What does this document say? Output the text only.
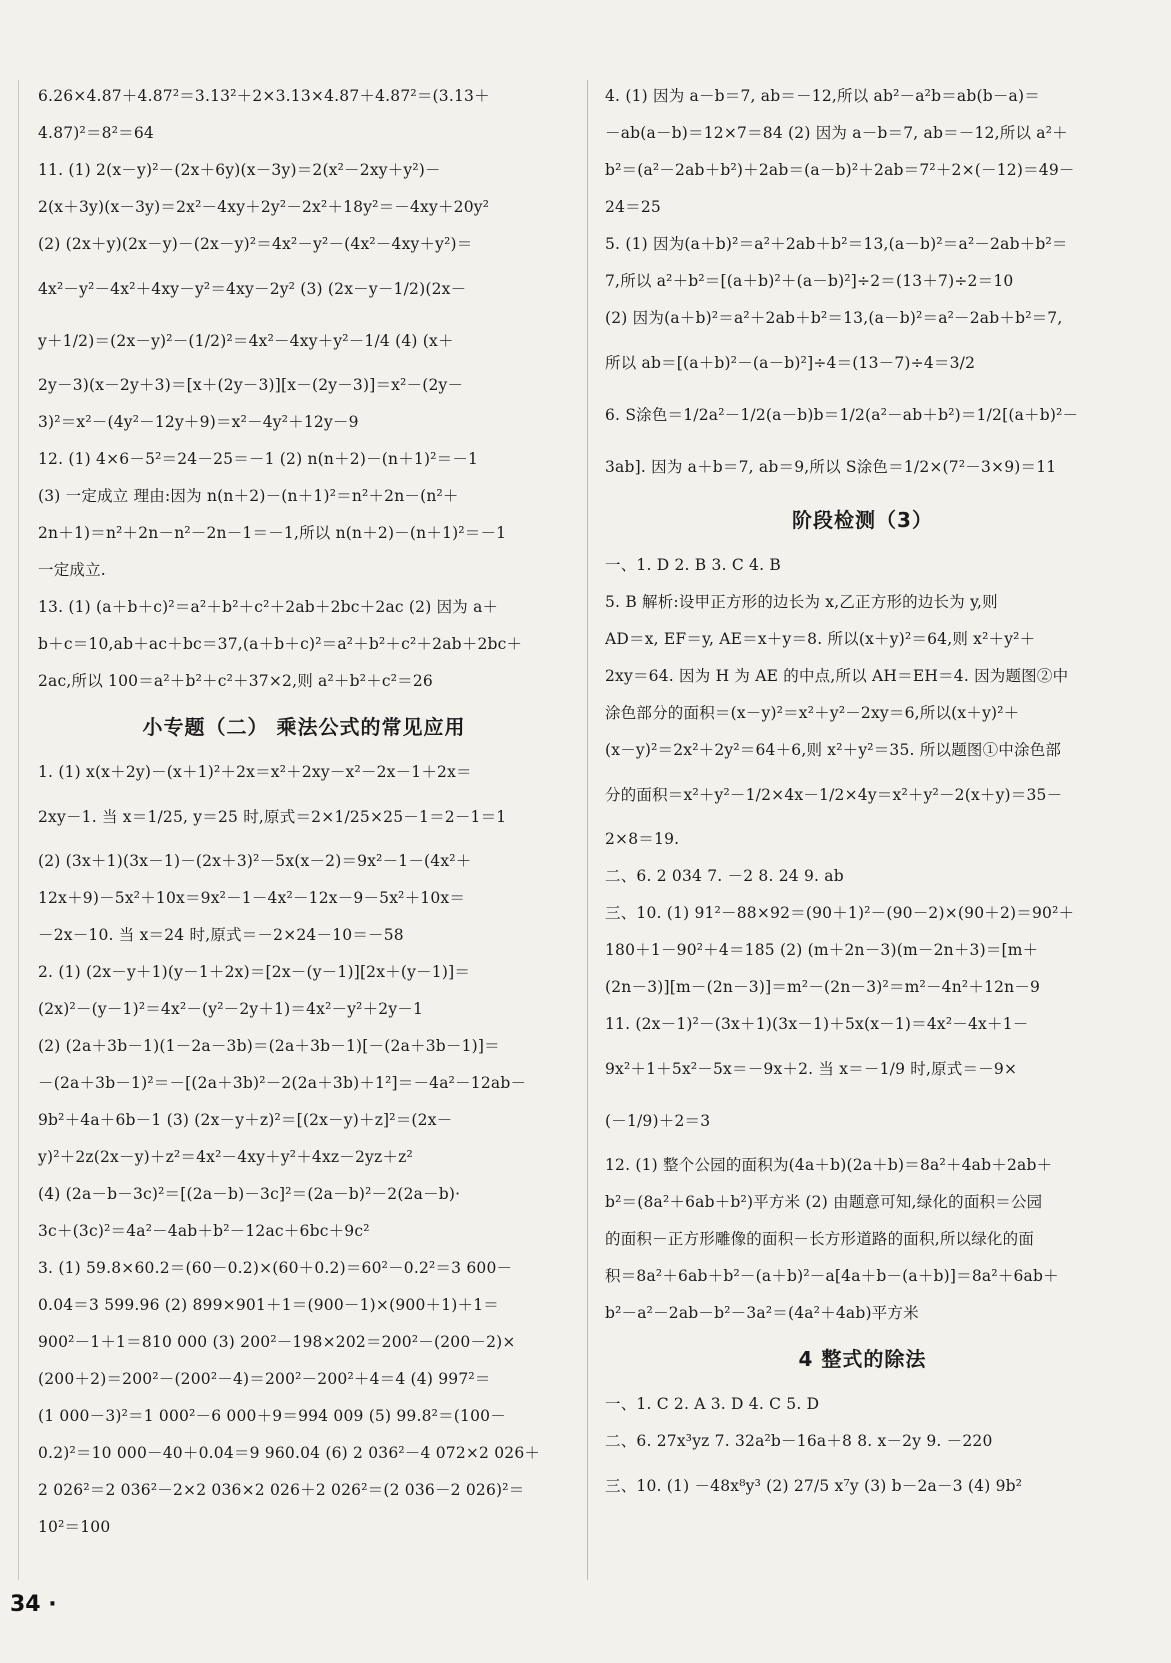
6.26×4.87＋4.87²＝3.13²＋2×3.13×4.87＋4.87²＝(3.13＋
4.87)²＝8²＝64
11. (1) 2(x－y)²－(2x＋6y)(x－3y)＝2(x²－2xy＋y²)－
2(x＋3y)(x－3y)＝2x²－4xy＋2y²－2x²＋18y²＝－4xy＋20y²
(2) (2x＋y)(2x－y)－(2x－y)²＝4x²－y²－(4x²－4xy＋y²)＝
4x²－y²－4x²＋4xy－y²＝4xy－2y² (3) (2x－y－1/2)(2x－
y＋1/2)＝(2x－y)²－(1/2)²＝4x²－4xy＋y²－1/4 (4) (x＋
2y－3)(x－2y＋3)＝[x＋(2y－3)][x－(2y－3)]＝x²－(2y－
3)²＝x²－(4y²－12y＋9)＝x²－4y²＋12y－9
12. (1) 4×6－5²＝24－25＝－1 (2) n(n＋2)－(n＋1)²＝－1
(3) 一定成立 理由:因为 n(n＋2)－(n＋1)²＝n²＋2n－(n²＋
2n＋1)＝n²＋2n－n²－2n－1＝－1,所以 n(n＋2)－(n＋1)²＝－1
一定成立.
13. (1) (a＋b＋c)²＝a²＋b²＋c²＋2ab＋2bc＋2ac (2) 因为 a＋
b＋c＝10,ab＋ac＋bc＝37,(a＋b＋c)²＝a²＋b²＋c²＋2ab＋2bc＋
2ac,所以 100＝a²＋b²＋c²＋37×2,则 a²＋b²＋c²＝26
小专题（二） 乘法公式的常见应用
1. (1) x(x＋2y)－(x＋1)²＋2x＝x²＋2xy－x²－2x－1＋2x＝
2xy－1. 当 x＝1/25, y＝25 时,原式＝2×1/25×25－1＝2－1＝1
(2) (3x＋1)(3x－1)－(2x＋3)²－5x(x－2)＝9x²－1－(4x²＋
12x＋9)－5x²＋10x＝9x²－1－4x²－12x－9－5x²＋10x＝
－2x－10. 当 x＝24 时,原式＝－2×24－10＝－58
2. (1) (2x－y＋1)(y－1＋2x)＝[2x－(y－1)][2x＋(y－1)]＝
(2x)²－(y－1)²＝4x²－(y²－2y＋1)＝4x²－y²＋2y－1
(2) (2a＋3b－1)(1－2a－3b)＝(2a＋3b－1)[－(2a＋3b－1)]＝
－(2a＋3b－1)²＝－[(2a＋3b)²－2(2a＋3b)＋1²]＝－4a²－12ab－
9b²＋4a＋6b－1 (3) (2x－y＋z)²＝[(2x－y)＋z]²＝(2x－
y)²＋2z(2x－y)＋z²＝4x²－4xy＋y²＋4xz－2yz＋z²
(4) (2a－b－3c)²＝[(2a－b)－3c]²＝(2a－b)²－2(2a－b)·
3c＋(3c)²＝4a²－4ab＋b²－12ac＋6bc＋9c²
3. (1) 59.8×60.2＝(60－0.2)×(60＋0.2)＝60²－0.2²＝3 600－
0.04＝3 599.96 (2) 899×901＋1＝(900－1)×(900＋1)＋1＝
900²－1＋1＝810 000 (3) 200²－198×202＝200²－(200－2)×
(200＋2)＝200²－(200²－4)＝200²－200²＋4＝4 (4) 997²＝
(1 000－3)²＝1 000²－6 000＋9＝994 009 (5) 99.8²＝(100－
0.2)²＝10 000－40＋0.04＝9 960.04 (6) 2 036²－4 072×2 026＋
2 026²＝2 036²－2×2 036×2 026＋2 026²＝(2 036－2 026)²＝
10²＝100
4. (1) 因为 a－b＝7, ab＝－12,所以 ab²－a²b＝ab(b－a)＝
－ab(a－b)＝12×7＝84 (2) 因为 a－b＝7, ab＝－12,所以 a²＋
b²＝(a²－2ab＋b²)＋2ab＝(a－b)²＋2ab＝7²＋2×(－12)＝49－
24＝25
5. (1) 因为(a＋b)²＝a²＋2ab＋b²＝13,(a－b)²＝a²－2ab＋b²＝
7,所以 a²＋b²＝[(a＋b)²＋(a－b)²]÷2＝(13＋7)÷2＝10
(2) 因为(a＋b)²＝a²＋2ab＋b²＝13,(a－b)²＝a²－2ab＋b²＝7,
所以 ab＝[(a＋b)²－(a－b)²]÷4＝(13－7)÷4＝3/2
6. S涂色＝1/2a²－1/2(a－b)b＝1/2(a²－ab＋b²)＝1/2[(a＋b)²－
3ab]. 因为 a＋b＝7, ab＝9,所以 S涂色＝1/2×(7²－3×9)＝11
阶段检测（3）
一、1. D 2. B 3. C 4. B
5. B 解析:设甲正方形的边长为 x,乙正方形的边长为 y,则
AD＝x, EF＝y, AE＝x＋y＝8. 所以(x＋y)²＝64,则 x²＋y²＋
2xy＝64. 因为 H 为 AE 的中点,所以 AH＝EH＝4. 因为题图②中
涂色部分的面积＝(x－y)²＝x²＋y²－2xy＝6,所以(x＋y)²＋
(x－y)²＝2x²＋2y²＝64＋6,则 x²＋y²＝35. 所以题图①中涂色部
分的面积＝x²＋y²－1/2×4x－1/2×4y＝x²＋y²－2(x＋y)＝35－
2×8＝19.
二、6. 2 034 7. －2 8. 24 9. ab
三、10. (1) 91²－88×92＝(90＋1)²－(90－2)×(90＋2)＝90²＋
180＋1－90²＋4＝185 (2) (m＋2n－3)(m－2n＋3)＝[m＋
(2n－3)][m－(2n－3)]＝m²－(2n－3)²＝m²－4n²＋12n－9
11. (2x－1)²－(3x＋1)(3x－1)＋5x(x－1)＝4x²－4x＋1－
9x²＋1＋5x²－5x＝－9x＋2. 当 x＝－1/9 时,原式＝－9×
(－1/9)＋2＝3
12. (1) 整个公园的面积为(4a＋b)(2a＋b)＝8a²＋4ab＋2ab＋
b²＝(8a²＋6ab＋b²)平方米 (2) 由题意可知,绿化的面积＝公园
的面积－正方形雕像的面积－长方形道路的面积,所以绿化的面
积＝8a²＋6ab＋b²－(a＋b)²－a[4a＋b－(a＋b)]＝8a²＋6ab＋
b²－a²－2ab－b²－3a²＝(4a²＋4ab)平方米
4 整式的除法
一、1. C 2. A 3. D 4. C 5. D
二、6. 27x³yz 7. 32a²b－16a＋8 8. x－2y 9. －220
三、10. (1) －48x⁸y³ (2) 27/5 x⁷y (3) b－2a－3 (4) 9b²
34 ·
